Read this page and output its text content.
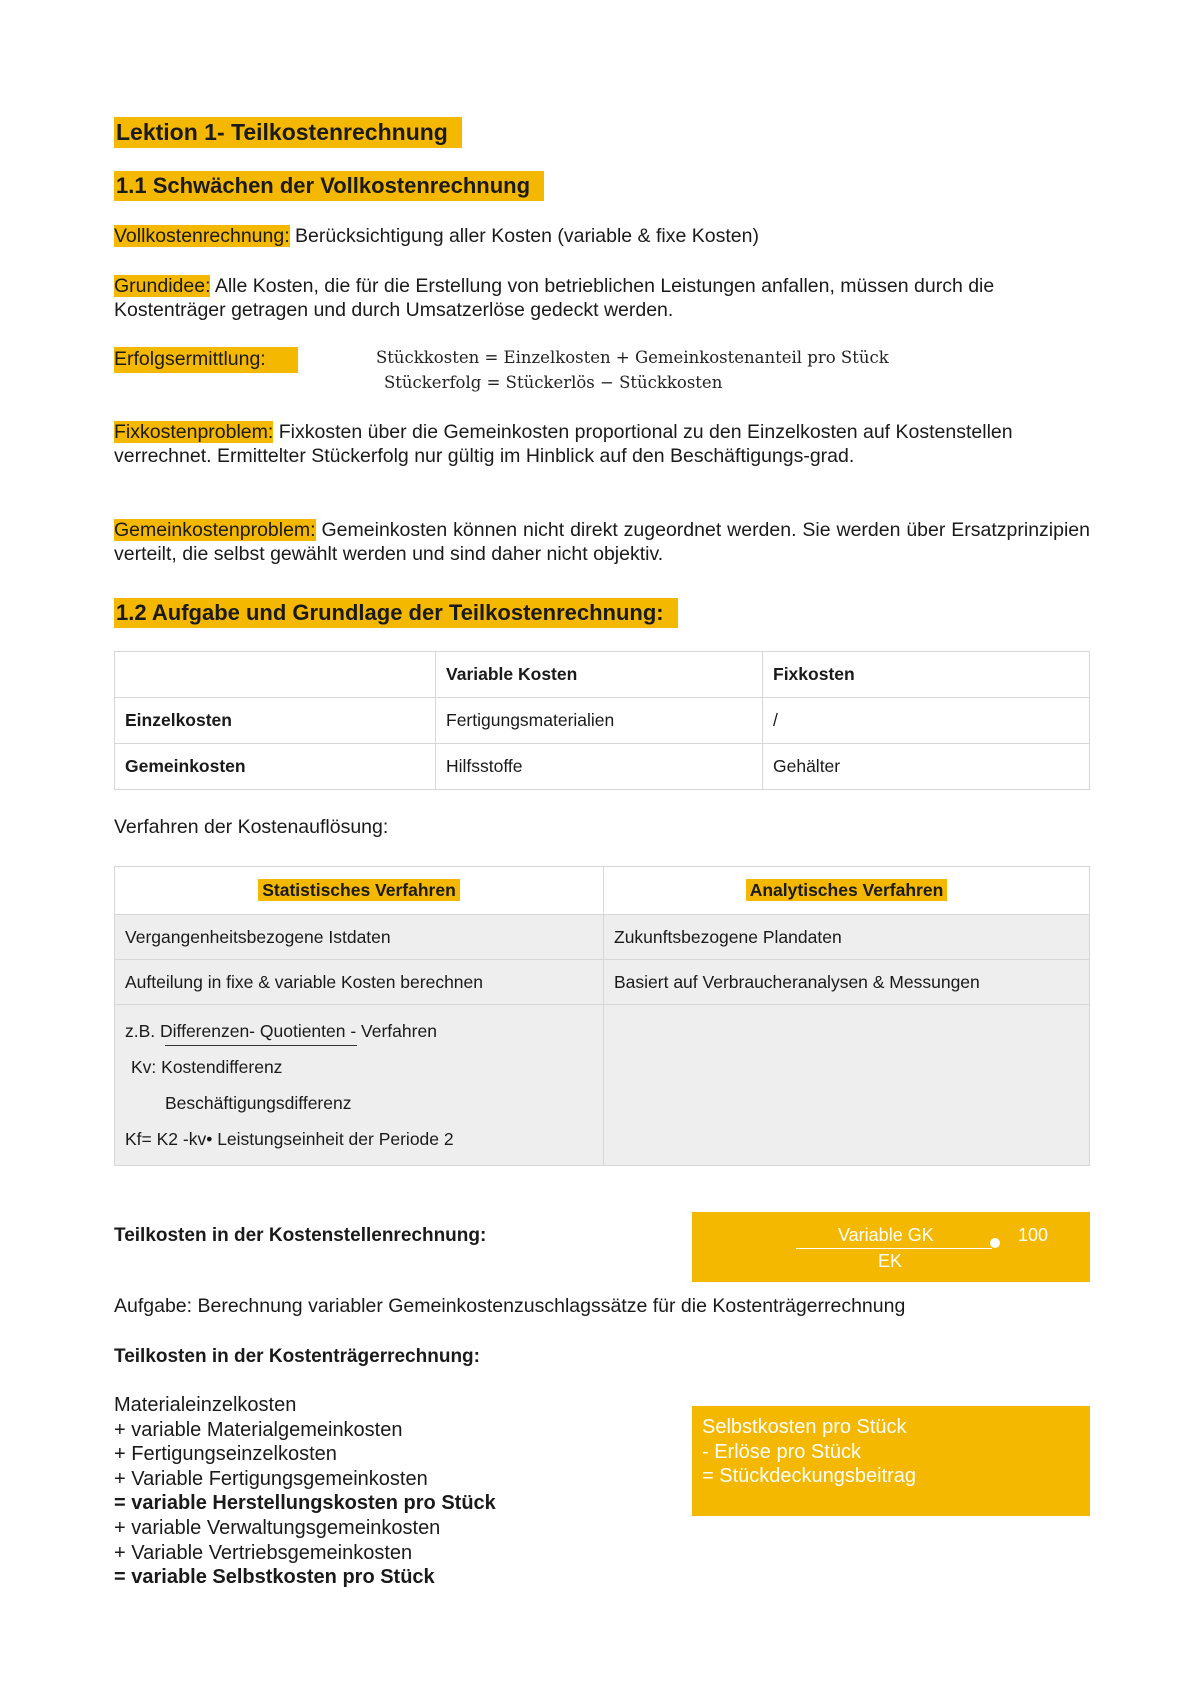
Lektion 1- Teilkostenrechnung
1.1 Schwächen der Vollkostenrechnung
Vollkostenrechnung: Berücksichtigung aller Kosten (variable & fixe Kosten)
Grundidee: Alle Kosten, die für die Erstellung von betrieblichen Leistungen anfallen, müssen durch die Kostenträger getragen und durch Umsatzerlöse gedeckt werden.
Erfolgsermittlung:	Stückkosten = Einzelkosten + Gemeinkostenanteil pro Stück
Stückerfolg = Stückerlös − Stückkosten
Fixkostenproblem: Fixkosten über die Gemeinkosten proportional zu den Einzelkosten auf Kostenstellen verrechnet. Ermittelter Stückerfolg nur gültig im Hinblick auf den Beschäftigungs-grad.
Gemeinkostenproblem: Gemeinkosten können nicht direkt zugeordnet werden. Sie werden über Ersatzprinzipien verteilt, die selbst gewählt werden und sind daher nicht objektiv.
1.2 Aufgabe und Grundlage der Teilkostenrechnung:
	Variable Kosten	Fixkosten
Einzelkosten	Fertigungsmaterialien	/
Gemeinkosten	Hilfsstoffe	Gehälter
Verfahren der Kostenauflösung:
Statistisches Verfahren	Analytisches Verfahren
Vergangenheitsbezogene Istdaten	Zukunftsbezogene Plandaten
Aufteilung in fixe & variable Kosten berechnen	Basiert auf Verbraucheranalysen & Messungen

z.B. Differenzen- Quotienten - Verfahren
Kv: Kostendifferenz
Beschäftigungsdifferenz
Kf= K2 -kv• Leistungseinheit der Periode 2	

Teilkosten in der Kostenstellenrechnung:	Variable GK	100
EK
Aufgabe: Berechnung variabler Gemeinkostenzuschlagssätze für die Kostenträgerrechnung
Teilkosten in der Kostenträgerrechnung:
Materialeinzelkosten
+ variable Materialgemeinkosten
+ Fertigungseinzelkosten
+ Variable Fertigungsgemeinkosten
= variable Herstellungskosten pro Stück
+ variable Verwaltungsgemeinkosten
+ Variable Vertriebsgemeinkosten
= variable Selbstkosten pro Stück
Selbstkosten pro Stück
- Erlöse pro Stück
= Stückdeckungsbeitrag
